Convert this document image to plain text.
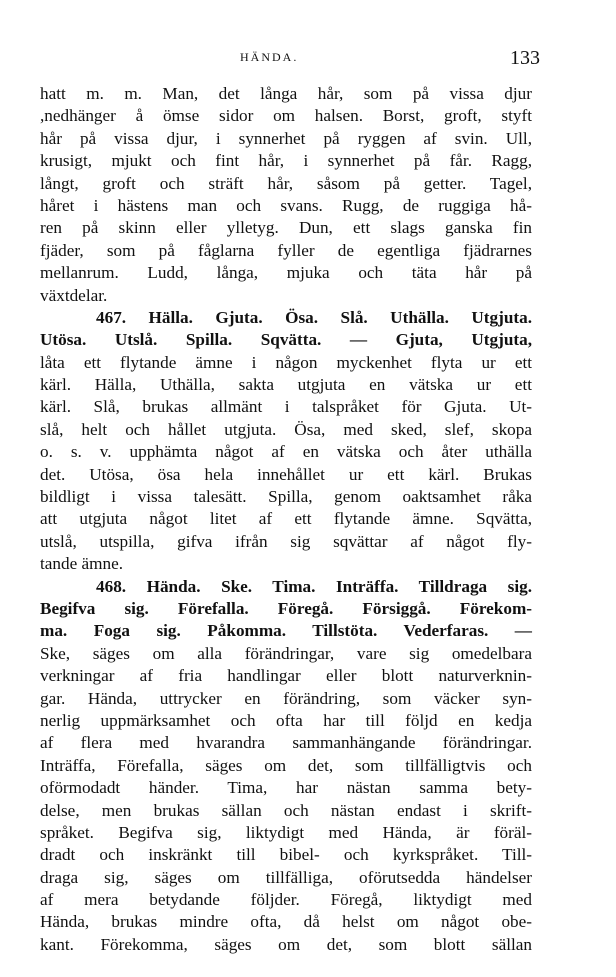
HÄNDA.	133
hatt m. m. Man, det långa hår, som på vissa djur
,nedhänger å ömse sidor om halsen. Borst, groft, styft
hår på vissa djur, i synnerhet på ryggen af svin. Ull,
krusigt, mjukt och fint hår, i synnerhet på får. Ragg,
långt, groft och sträft hår, såsom på getter. Tagel,
håret i hästens man och svans. Rugg, de ruggiga hå-
ren på skinn eller ylletyg. Dun, ett slags ganska fin
fjäder, som på fåglarna fyller de egentliga fjädrarnes
mellanrum. Ludd, långa, mjuka och täta hår på
växtdelar.
467. Hälla. Gjuta. Ösa. Slå. Uthälla. Utgjuta.
Utösa. Utslå. Spilla. Sqvätta. — Gjuta, Utgjuta,
låta ett flytande ämne i någon myckenhet flyta ur ett
kärl. Hälla, Uthälla, sakta utgjuta en vätska ur ett
kärl. Slå, brukas allmänt i talspråket för Gjuta. Ut-
slå, helt och hållet utgjuta. Ösa, med sked, slef, skopa
o. s. v. upphämta något af en vätska och åter uthälla
det. Utösa, ösa hela innehållet ur ett kärl. Brukas
bildligt i vissa talesätt. Spilla, genom oaktsamhet råka
att utgjuta något litet af ett flytande ämne. Sqvätta,
utslå, utspilla, gifva ifrån sig sqvättar af något fly-
tande ämne.
468. Hända. Ske. Tima. Inträffa. Tilldraga sig.
Begifva sig. Förefalla. Föregå. Försiggå. Förekom-
ma. Foga sig. Påkomma. Tillstöta. Vederfaras. —
Ske, säges om alla förändringar, vare sig omedelbara
verkningar af fria handlingar eller blott naturverknin-
gar. Hända, uttrycker en förändring, som väcker syn-
nerlig uppmärksamhet och ofta har till följd en kedja
af flera med hvarandra sammanhängande förändringar.
Inträffa, Förefalla, säges om det, som tillfälligtvis och
oförmodadt händer. Tima, har nästan samma bety-
delse, men brukas sällan och nästan endast i skrift-
språket. Begifva sig, liktydigt med Hända, är föräl-
dradt och inskränkt till bibel- och kyrkspråket. Till-
draga sig, säges om tillfälliga, oförutsedda händelser
af mera betydande följder. Föregå, liktydigt med
Hända, brukas mindre ofta, då helst om något obe-
kant. Förekomma, säges om det, som blott sällan
